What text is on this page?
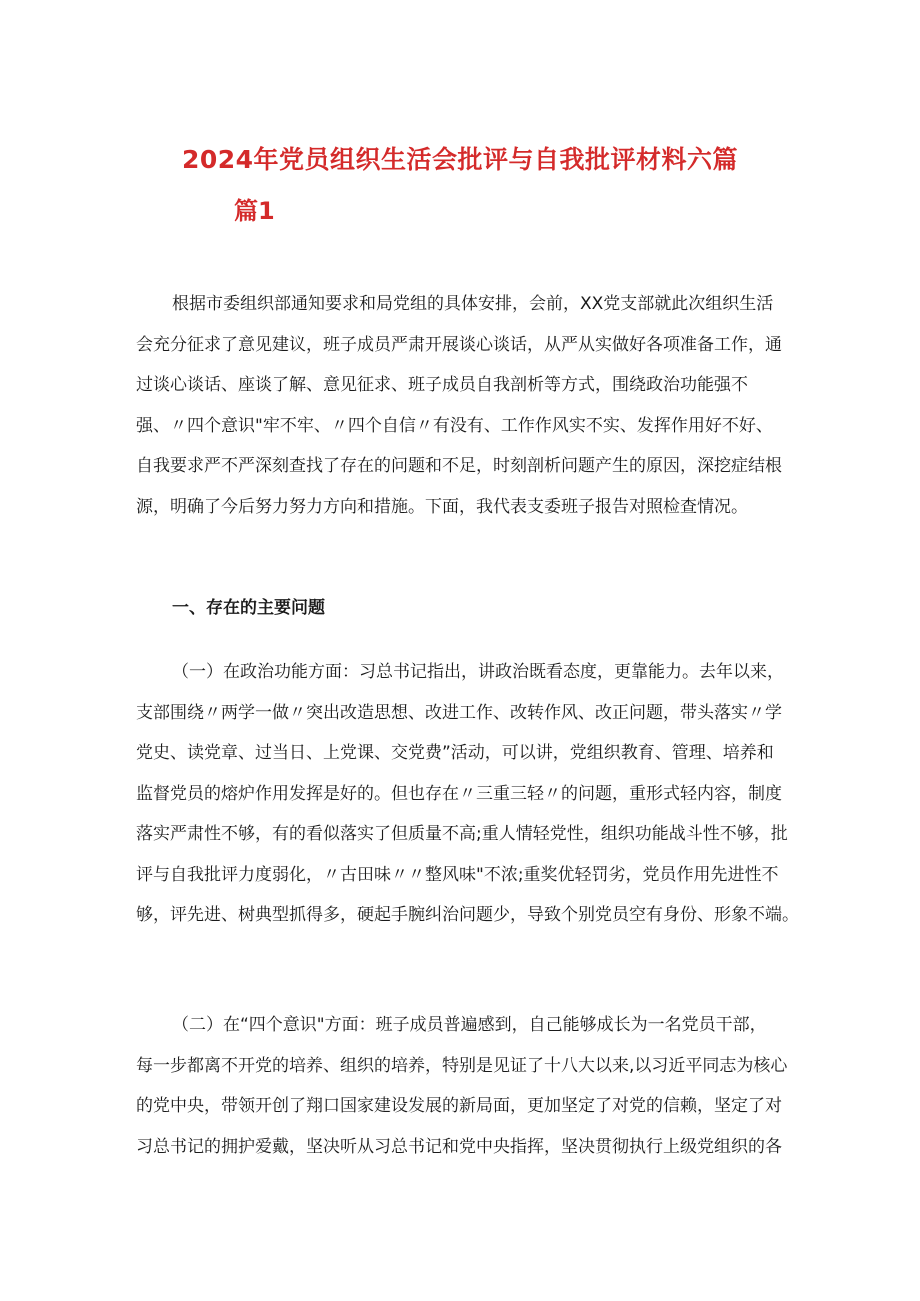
2024年党员组织生活会批评与自我批评材料六篇
篇1
根据市委组织部通知要求和局党组的具体安排，会前，XX党支部就此次组织生活
会充分征求了意见建议，班子成员严肃开展谈心谈话，从严从实做好各项准备工作，通
过谈心谈话、座谈了解、意见征求、班子成员自我剖析等方式，围绕政治功能强不
强、〃四个意识"牢不牢、〃四个自信〃有没有、工作作风实不实、发挥作用好不好、
自我要求严不严深刻查找了存在的问题和不足，时刻剖析问题产生的原因，深挖症结根
源，明确了今后努力努力方向和措施。下面，我代表支委班子报告对照检查情况。
一、存在的主要问题
（一）在政治功能方面：习总书记指出，讲政治既看态度，更靠能力。去年以来，
支部围绕〃两学一做〃突出改造思想、改进工作、改转作风、改正问题，带头落实〃学
党史、读党章、过当日、上党课、交党费”活动，可以讲，党组织教育、管理、培养和
监督党员的熔炉作用发挥是好的。但也存在〃三重三轻〃的问题，重形式轻内容，制度
落实严肃性不够，有的看似落实了但质量不高;重人情轻党性，组织功能战斗性不够，批
评与自我批评力度弱化，〃古田味〃〃整风味"不浓;重奖优轻罚劣，党员作用先进性不
够，评先进、树典型抓得多，硬起手腕纠治问题少，导致个别党员空有身份、形象不端。
（二）在“四个意识"方面：班子成员普遍感到，自己能够成长为一名党员干部，
每一步都离不开党的培养、组织的培养，特别是见证了十八大以来,以习近平同志为核心
的党中央，带领开创了翔口国家建设发展的新局面，更加坚定了对党的信赖，坚定了对
习总书记的拥护爱戴，坚决听从习总书记和党中央指挥，坚决贯彻执行上级党组织的各
